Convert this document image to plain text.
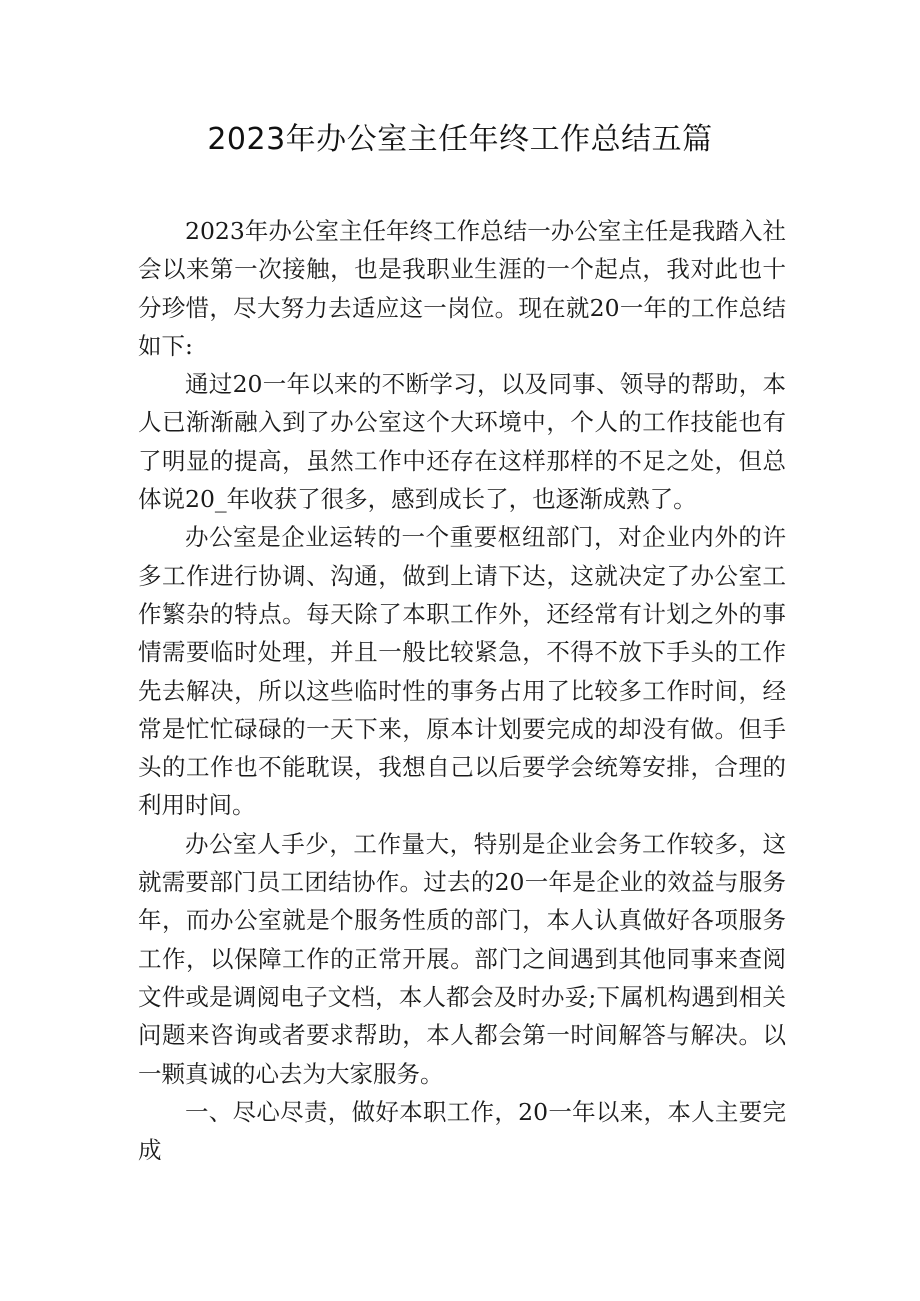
2023年办公室主任年终工作总结五篇

2023年办公室主任年终工作总结一办公室主任是我踏入社会以来第一次接触，也是我职业生涯的一个起点，我对此也十分珍惜，尽大努力去适应这一岗位。现在就20一年的工作总结如下:

通过20一年以来的不断学习，以及同事、领导的帮助，本人已渐渐融入到了办公室这个大环境中，个人的工作技能也有了明显的提高，虽然工作中还存在这样那样的不足之处，但总体说20_年收获了很多，感到成长了，也逐渐成熟了。

办公室是企业运转的一个重要枢纽部门，对企业内外的许多工作进行协调、沟通，做到上请下达，这就决定了办公室工作繁杂的特点。每天除了本职工作外，还经常有计划之外的事情需要临时处理，并且一般比较紧急，不得不放下手头的工作先去解决，所以这些临时性的事务占用了比较多工作时间，经常是忙忙碌碌的一天下来，原本计划要完成的却没有做。但手头的工作也不能耽误，我想自己以后要学会统筹安排，合理的利用时间。

办公室人手少，工作量大，特别是企业会务工作较多，这就需要部门员工团结协作。过去的20一年是企业的效益与服务年，而办公室就是个服务性质的部门，本人认真做好各项服务工作，以保障工作的正常开展。部门之间遇到其他同事来查阅文件或是调阅电子文档，本人都会及时办妥;下属机构遇到相关问题来咨询或者要求帮助，本人都会第一时间解答与解决。以一颗真诚的心去为大家服务。

一、尽心尽责，做好本职工作，20一年以来，本人主要完成
